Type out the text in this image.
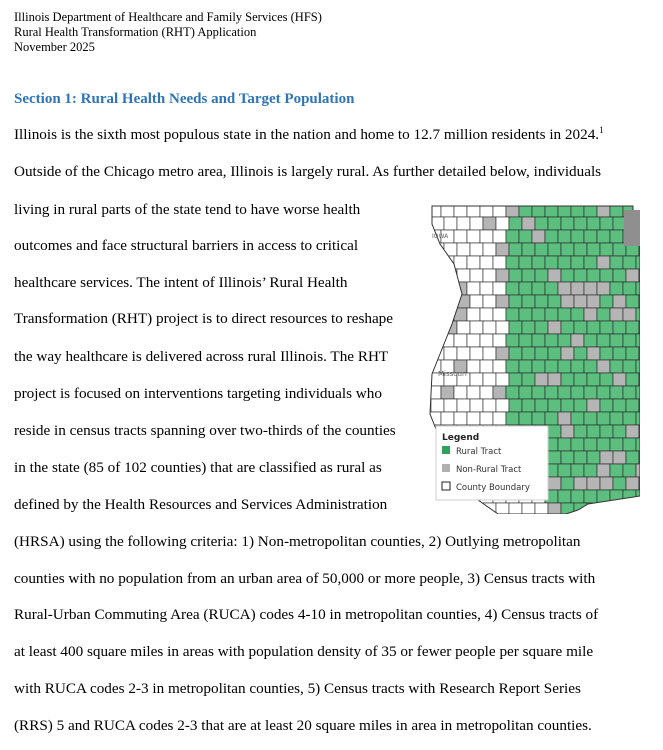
Illinois Department of Healthcare and Family Services (HFS)
Rural Health Transformation (RHT) Application
November 2025
Section 1: Rural Health Needs and Target Population
Illinois is the sixth most populous state in the nation and home to 12.7 million residents in 2024.$^1$
Outside of the Chicago metro area, Illinois is largely rural. As further detailed below, individuals
living in rural parts of the state tend to have worse health
outcomes and face structural barriers in access to critical
healthcare services. The intent of Illinois’ Rural Health
Transformation (RHT) project is to direct resources to reshape
the way healthcare is delivered across rural Illinois. The RHT
project is focused on interventions targeting individuals who
reside in census tracts spanning over two-thirds of the counties
in the state (85 of 102 counties) that are classified as rural as
defined by the Health Resources and Services Administration
(HRSA) using the following criteria: 1) Non-metropolitan counties, 2) Outlying metropolitan
counties with no population from an urban area of 50,000 or more people, 3) Census tracts with
Rural-Urban Commuting Area (RUCA) codes 4-10 in metropolitan counties, 4) Census tracts of
at least 400 square miles in areas with population density of 35 or fewer people per square mile
with RUCA codes 2-3 in metropolitan counties, 5) Census tracts with Research Report Series
(RRS) 5 and RUCA codes 2-3 that are at least 20 square miles in area in metropolitan counties.
IOWA
Missouri
Legend
Rural Tract
Non-Rural Tract
County Boundary
